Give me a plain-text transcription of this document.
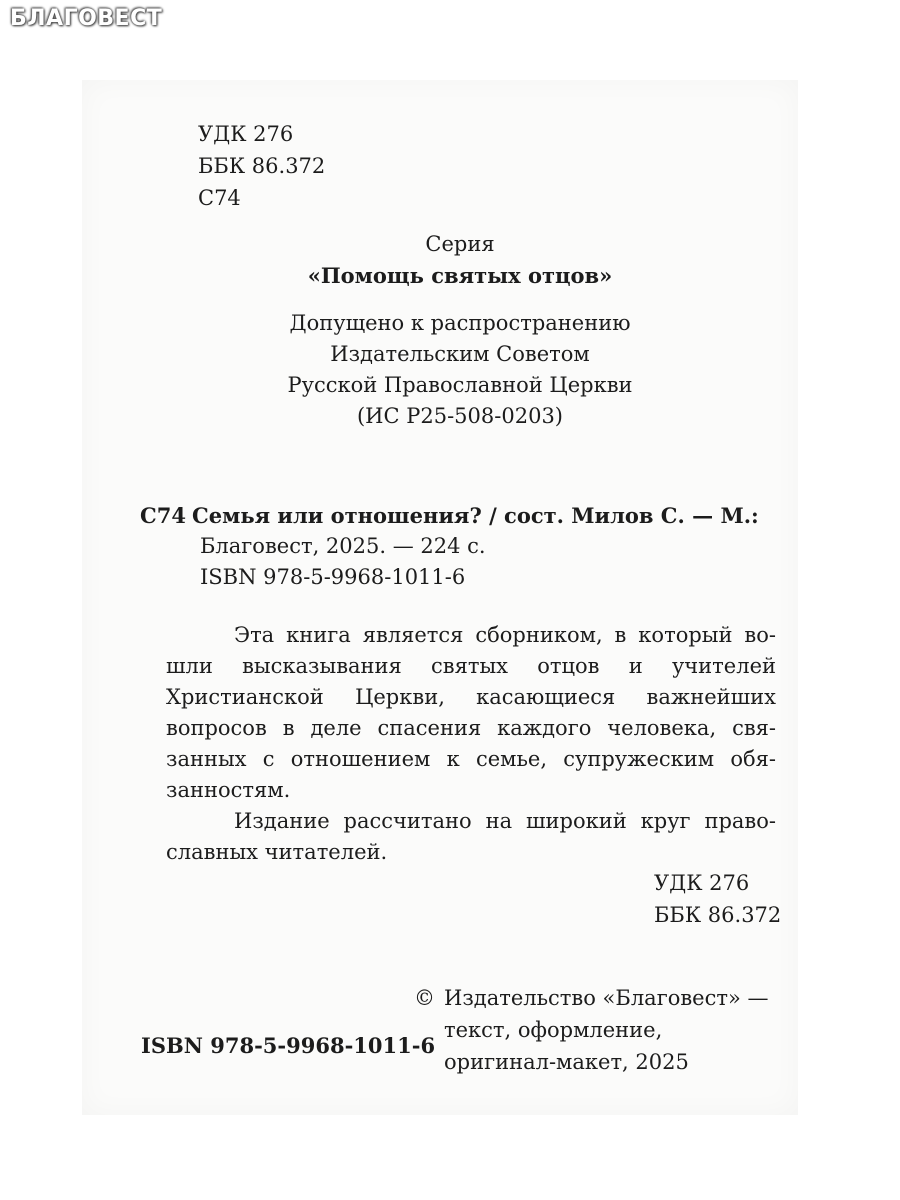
БЛАГОВЕСТ
УДК 276
ББК 86.372
С74
Серия
«Помощь святых отцов»
Допущено к распространению
Издательским Советом
Русской Православной Церкви
(ИС Р25-508-0203)
С74 Семья или отношения? / сост. Милов С. — М.:
Благовест, 2025. — 224 с.
ISBN 978-5-9968-1011-6
Эта книга является сборником, в который во-
шли высказывания святых отцов и учителей
Христианской Церкви, касающиеся важнейших
вопросов в деле спасения каждого человека, свя-
занных с отношением к семье, супружеским обя-
занностям.
Издание рассчитано на широкий круг право-
славных читателей.
УДК 276
ББК 86.372
© Издательство «Благовест» —
текст, оформление,
оригинал-макет, 2025
ISBN 978-5-9968-1011-6
